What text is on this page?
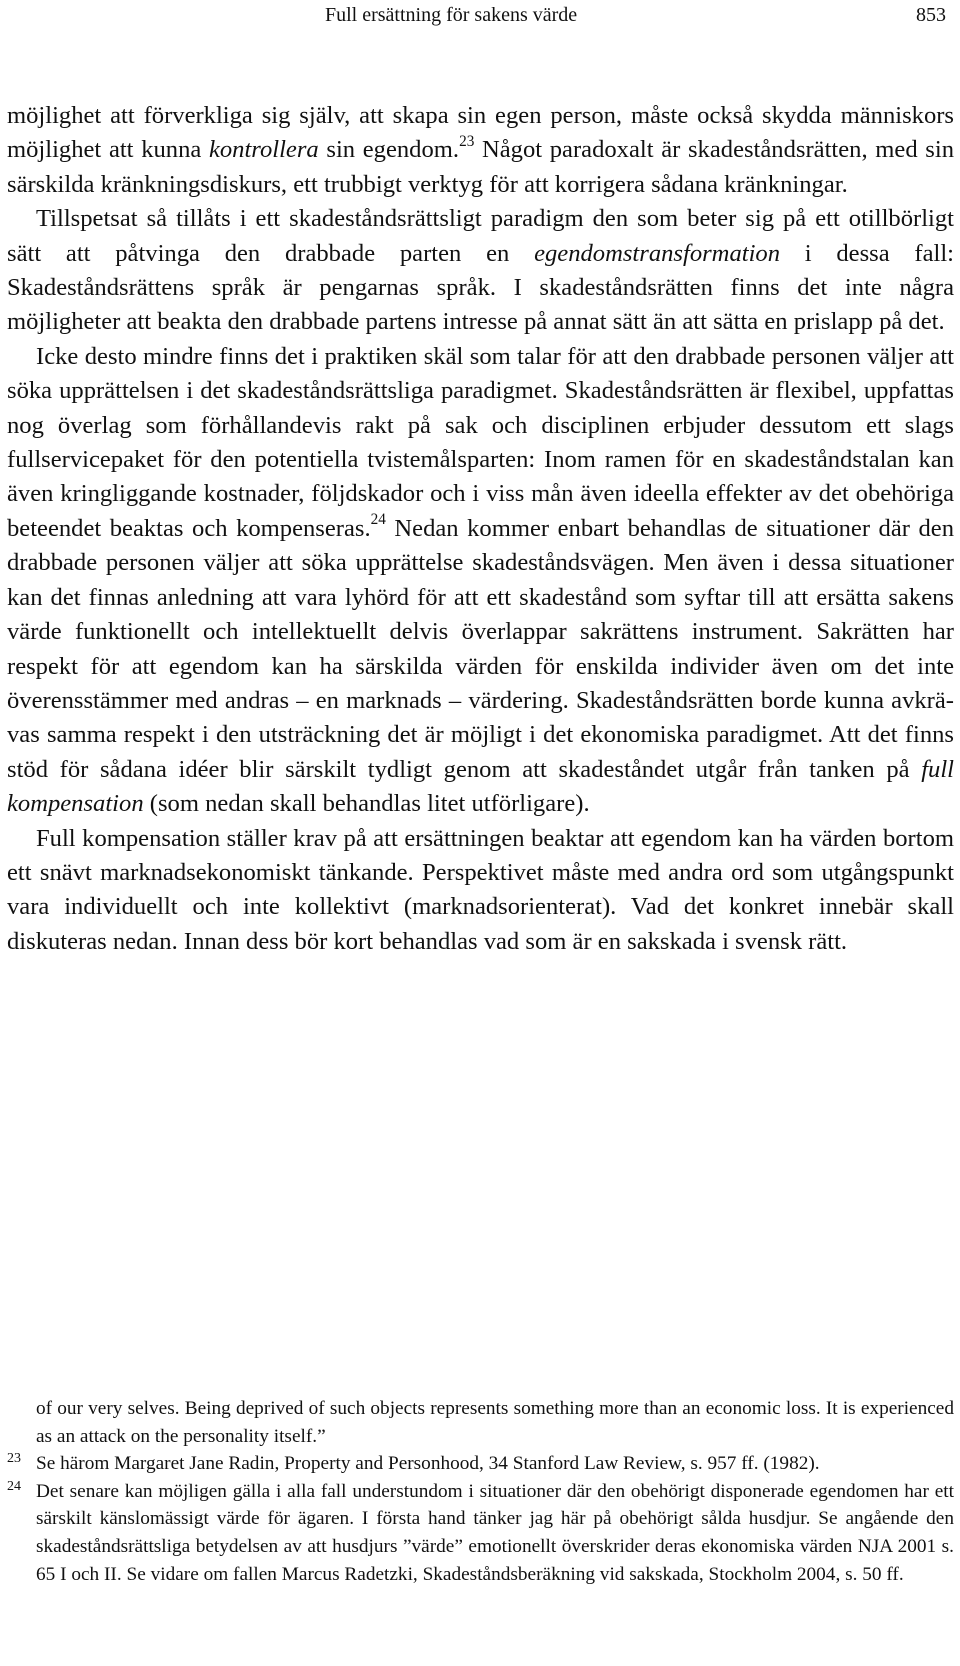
Full ersättning för sakens värde	853

möjlighet att förverkliga sig själv, att skapa sin egen person, måste också skydda människors möjlighet att kunna kontrollera sin egendom.$^{23}$ Något paradoxalt är skadeståndsrätten, med sin särskilda kränkningsdiskurs, ett trubbigt verktyg för att korrigera sådana kränkningar.

Tillspetsat så tillåts i ett skadeståndsrättsligt paradigm den som beter sig på ett otillbörligt sätt att påtvinga den drabbade parten en egendomstransformation i dessa fall: Skadeståndsrättens språk är pengarnas språk. I skadeståndsrätten finns det inte några möjligheter att beakta den drabbade partens intresse på annat sätt än att sätta en prislapp på det.

Icke desto mindre finns det i praktiken skäl som talar för att den drabbade personen väljer att söka upprättelsen i det skadeståndsrättsliga paradigmet. Skadeståndsrätten är flexibel, uppfattas nog överlag som förhållandevis rakt på sak och disciplinen erbjuder dessutom ett slags fullservicepaket för den potentiella tvistemålsparten: Inom ramen för en skadeståndstalan kan även kringliggande kostnader, följdskador och i viss mån även ideella effekter av det obehöriga beteendet beaktas och kompenseras.$^{24}$ Nedan kommer enbart behandlas de situationer där den drabbade personen väljer att söka upprättelse skadeståndsvägen. Men även i dessa situationer kan det finnas anledning att vara lyhörd för att ett skadestånd som syftar till att ersätta sakens värde funktionellt och intellektuellt delvis överlappar sakrättens instrument. Sakrätten har respekt för att egendom kan ha särskilda värden för enskilda individer även om det inte överensstämmer med andras – en marknads – värdering. Skadeståndsrätten borde kunna avkrävas samma respekt i den utsträckning det är möjligt i det ekonomiska paradigmet. Att det finns stöd för sådana idéer blir särskilt tydligt genom att skadeståndet utgår från tanken på full kompensation (som nedan skall behandlas litet utförligare).

Full kompensation ställer krav på att ersättningen beaktar att egendom kan ha värden bortom ett snävt marknadsekonomiskt tänkande. Perspektivet måste med andra ord som utgångspunkt vara individuellt och inte kollektivt (marknadsorienterat). Vad det konkret innebär skall diskuteras nedan. Innan dess bör kort behandlas vad som är en sakskada i svensk rätt.

of our very selves. Being deprived of such objects represents something more than an economic loss. It is experienced as an attack on the personality itself.”

23 Se härom Margaret Jane Radin, Property and Personhood, 34 Stanford Law Review, s. 957 ff. (1982).
24 Det senare kan möjligen gälla i alla fall understundom i situationer där den obehörigt disponerade egendomen har ett särskilt känslomässigt värde för ägaren. I första hand tänker jag här på obehörigt sålda husdjur. Se angående den skadeståndsrättsliga betydelsen av att husdjurs ”värde” emotionellt överskrider deras ekonomiska värden NJA 2001 s. 65 I och II. Se vidare om fallen Marcus Radetzki, Skadeståndsberäkning vid sakskada, Stockholm 2004, s. 50 ff.
